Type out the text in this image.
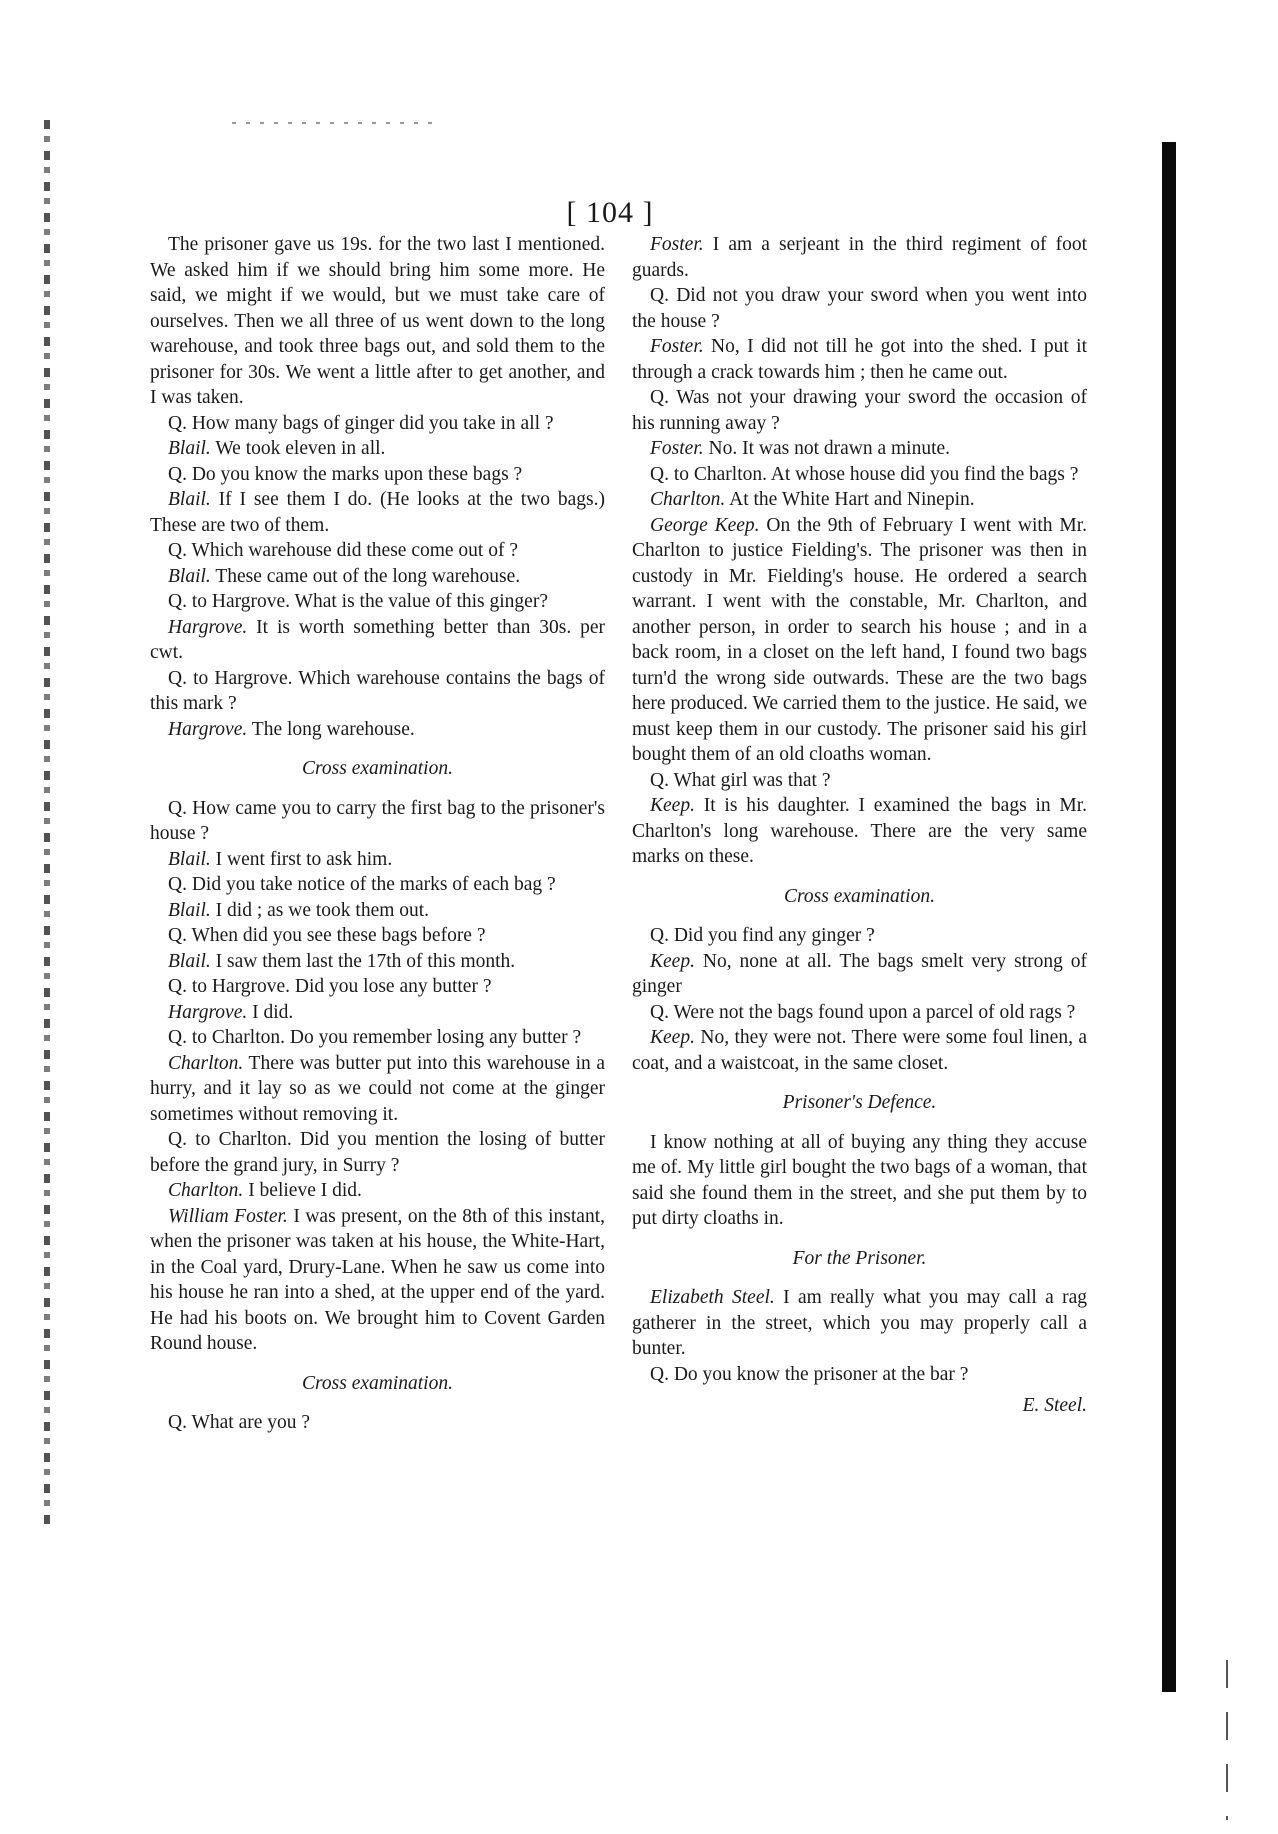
[ 104 ]

The prisoner gave us 19s. for the two last I mentioned. We asked him if we should bring him some more. He said, we might if we would, but we must take care of ourselves. Then we all three of us went down to the long warehouse, and took three bags out, and sold them to the prisoner for 30s. We went a little after to get another, and I was taken.

Q. How many bags of ginger did you take in all ?

Blail. We took eleven in all.

Q. Do you know the marks upon these bags ?

Blail. If I see them I do. (He looks at the two bags.) These are two of them.

Q. Which warehouse did these come out of ?

Blail. These came out of the long warehouse.

Q. to Hargrove. What is the value of this ginger?

Hargrove. It is worth something better than 30s. per cwt.

Q. to Hargrove. Which warehouse contains the bags of this mark ?

Hargrove. The long warehouse.

Cross examination.

Q. How came you to carry the first bag to the prisoner's house ?

Blail. I went first to ask him.

Q. Did you take notice of the marks of each bag ?

Blail. I did ; as we took them out.

Q. When did you see these bags before ?

Blail. I saw them last the 17th of this month.

Q. to Hargrove. Did you lose any butter ?

Hargrove. I did.

Q. to Charlton. Do you remember losing any butter ?

Charlton. There was butter put into this warehouse in a hurry, and it lay so as we could not come at the ginger sometimes without removing it.

Q. to Charlton. Did you mention the losing of butter before the grand jury, in Surry ?

Charlton. I believe I did.

William Foster. I was present, on the 8th of this instant, when the prisoner was taken at his house, the White-Hart, in the Coal yard, Drury-Lane. When he saw us come into his house he ran into a shed, at the upper end of the yard. He had his boots on. We brought him to Covent Garden Round house.

Cross examination.

Q. What are you ?

Foster. I am a serjeant in the third regiment of foot guards.

Q. Did not you draw your sword when you went into the house ?

Foster. No, I did not till he got into the shed. I put it through a crack towards him ; then he came out.

Q. Was not your drawing your sword the occasion of his running away ?

Foster. No. It was not drawn a minute.

Q. to Charlton. At whose house did you find the bags ?

Charlton. At the White Hart and Ninepin.

George Keep. On the 9th of February I went with Mr. Charlton to justice Fielding's. The prisoner was then in custody in Mr. Fielding's house. He ordered a search warrant. I went with the constable, Mr. Charlton, and another person, in order to search his house ; and in a back room, in a closet on the left hand, I found two bags turn'd the wrong side outwards. These are the two bags here produced. We carried them to the justice. He said, we must keep them in our custody. The prisoner said his girl bought them of an old cloaths woman.

Q. What girl was that ?

Keep. It is his daughter. I examined the bags in Mr. Charlton's long warehouse. There are the very same marks on these.

Cross examination.

Q. Did you find any ginger ?

Keep. No, none at all. The bags smelt very strong of ginger

Q. Were not the bags found upon a parcel of old rags ?

Keep. No, they were not. There were some foul linen, a coat, and a waistcoat, in the same closet.

Prisoner's Defence.

I know nothing at all of buying any thing they accuse me of. My little girl bought the two bags of a woman, that said she found them in the street, and she put them by to put dirty cloaths in.

For the Prisoner.

Elizabeth Steel. I am really what you may call a rag gatherer in the street, which you may properly call a bunter.

Q. Do you know the prisoner at the bar ?

E. Steel.
